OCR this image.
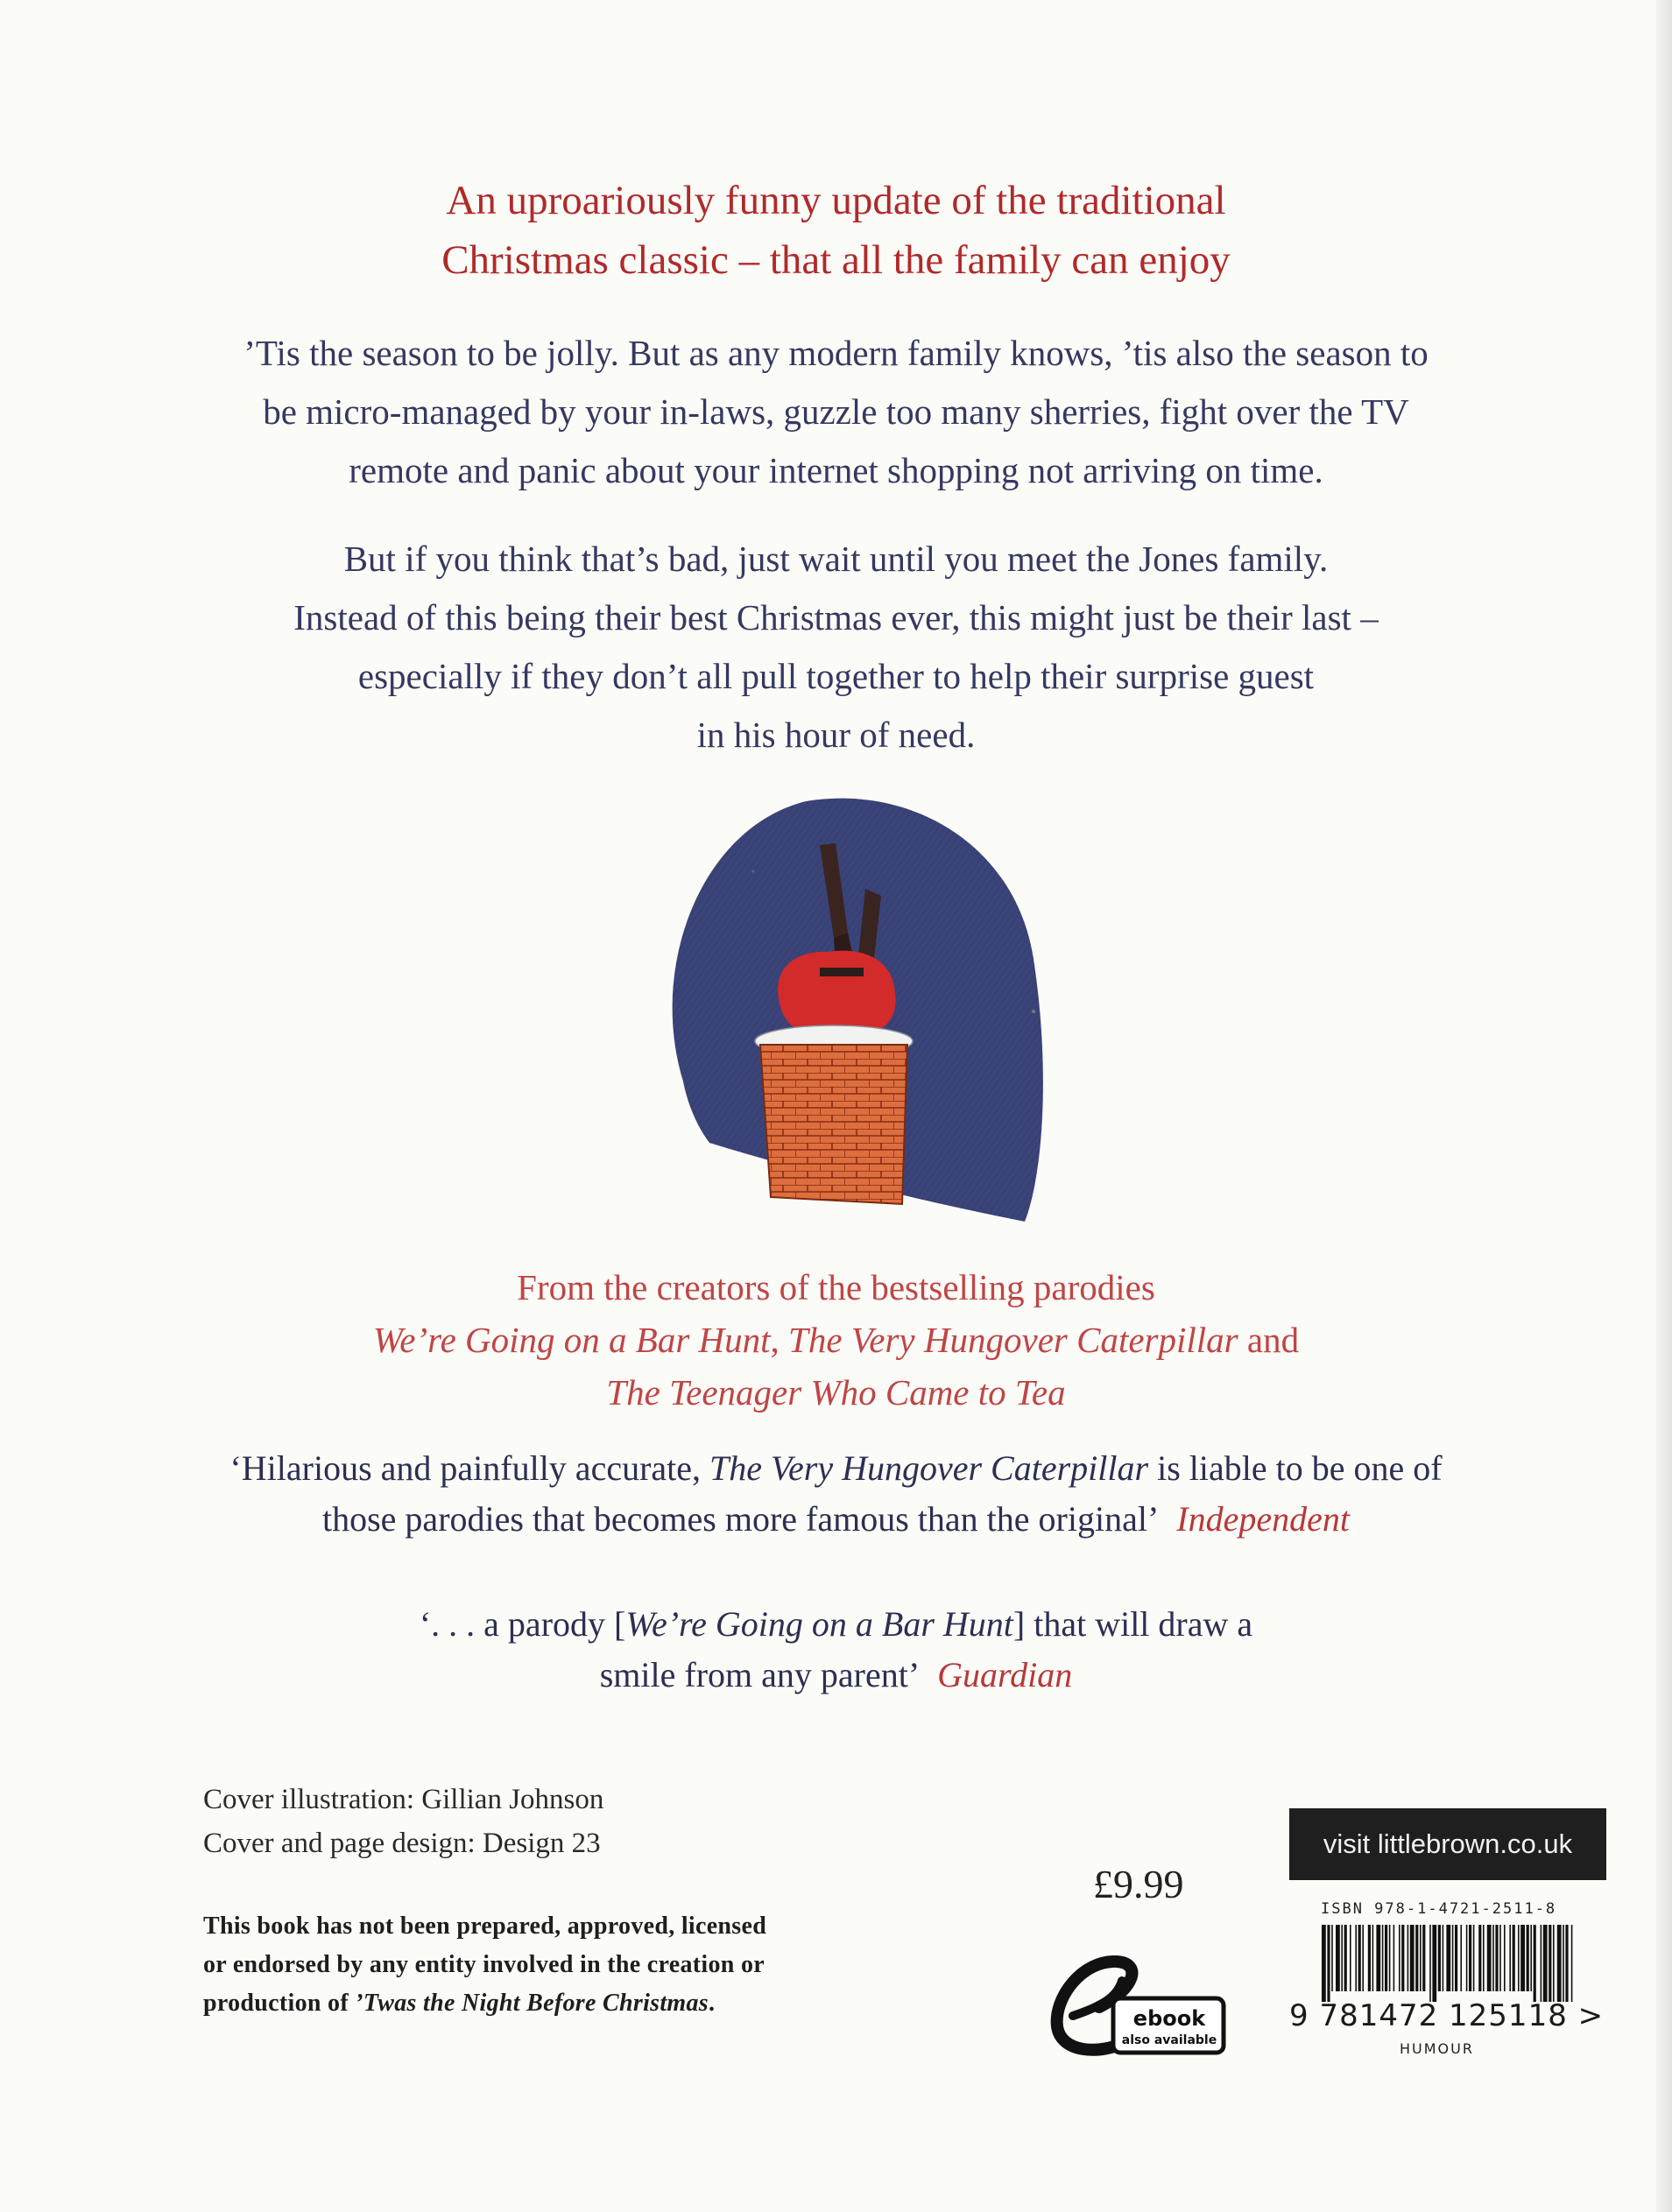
An uproariously funny update of the traditional
Christmas classic – that all the family can enjoy
’Tis the season to be jolly. But as any modern family knows, ’tis also the season to
be micro-managed by your in-laws, guzzle too many sherries, fight over the TV
remote and panic about your internet shopping not arriving on time.
But if you think that’s bad, just wait until you meet the Jones family.
Instead of this being their best Christmas ever, this might just be their last –
especially if they don’t all pull together to help their surprise guest
in his hour of need.
From the creators of the bestselling parodies
We’re Going on a Bar Hunt, The Very Hungover Caterpillar and
The Teenager Who Came to Tea
‘Hilarious and painfully accurate, The Very Hungover Caterpillar is liable to be one of
those parodies that becomes more famous than the original’ Independent
‘. . . a parody [We’re Going on a Bar Hunt] that will draw a
smile from any parent’ Guardian
Cover illustration: Gillian Johnson
Cover and page design: Design 23
This book has not been prepared, approved, licensed
or endorsed by any entity involved in the creation or
production of ’Twas the Night Before Christmas.
£9.99
ebook
also available
visit littlebrown.co.uk
ISBN 978-1-4721-2511-8
9 781472 125118 >
HUMOUR
